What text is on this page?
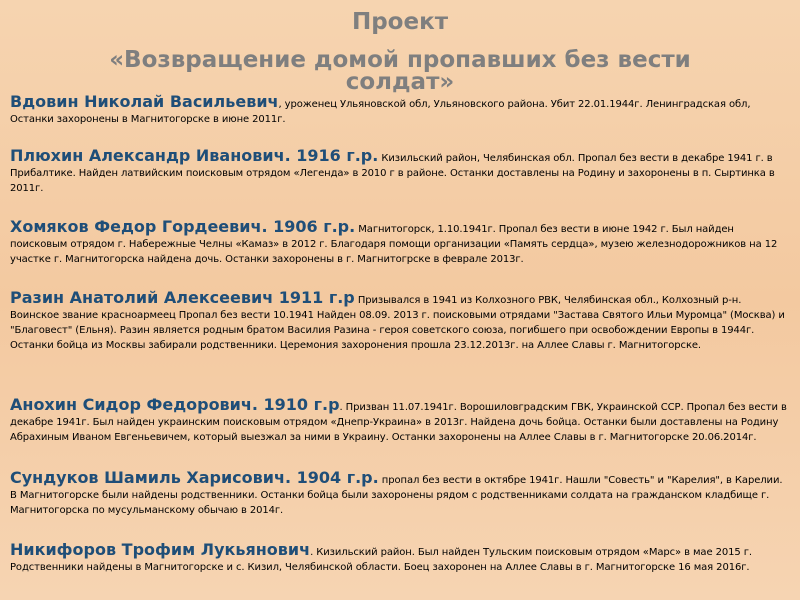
Проект
«Возвращение домой пропавших без вести
солдат»

Вдовин Николай Васильевич, уроженец Ульяновской обл, Ульяновского района. Убит 22.01.1944г. Ленинградская обл, Останки захоронены в Магнитогорске в июне 2011г.

Плюхин Александр Иванович. 1916 г.р. Кизильский район, Челябинская обл. Пропал без вести в декабре 1941 г. в Прибалтике. Найден латвийским поисковым отрядом «Легенда» в 2010 г в районе. Останки доставлены на Родину и захоронены в п. Сыртинка в 2011г.

Хомяков Федор Гордеевич. 1906 г.р. Магнитогорск, 1.10.1941г. Пропал без вести в июне 1942 г. Был найден поисковым отрядом г. Набережные Челны «Камаз» в 2012 г. Благодаря помощи организации «Память сердца», музею железнодорожников на 12 участке г. Магнитогорска найдена дочь. Останки захоронены в г. Магнитогрске в феврале 2013г.

Разин Анатолий Алексеевич 1911 г.р Призывался в 1941 из Колхозного РВК, Челябинская обл., Колхозный р-н. Воинское звание красноармеец Пропал без вести 10.1941 Найден 08.09. 2013 г. поисковыми отрядами "Застава Святого Ильи Муромца" (Москва) и "Благовест" (Ельня). Разин является родным братом Василия Разина - героя советского союза, погибшего при освобождении Европы в 1944г. Останки бойца из Москвы забирали родственники. Церемония захоронения прошла 23.12.2013г. на Аллее Славы г. Магнитогорске.

Анохин Сидор Федорович. 1910 г.р. Призван 11.07.1941г. Ворошиловградским ГВК, Украинской ССР. Пропал без вести в декабре 1941г. Был найден украинским поисковым отрядом «Днепр-Украина» в 2013г. Найдена дочь бойца. Останки были доставлены на Родину Абрахиным Иваном Евгеньевичем, который выезжал за ними в Украину. Останки захоронены на Аллее Славы в г. Магнитогорске 20.06.2014г.

Сундуков Шамиль Харисович. 1904 г.р. пропал без вести в октябре 1941г. Нашли "Совесть" и "Карелия", в Карелии. В Магнитогорске были найдены родственники. Останки бойца были захоронены рядом с родственниками солдата на гражданском кладбище г. Магнитогорска по мусульманскому обычаю в 2014г.

Никифоров Трофим Лукьянович. Кизильский район. Был найден Тульским поисковым отрядом «Марс» в мае 2015 г. Родственники найдены в Магнитогорске и с. Кизил, Челябинской области. Боец захоронен на Аллее Славы в г. Магнитогорске 16 мая 2016г.
